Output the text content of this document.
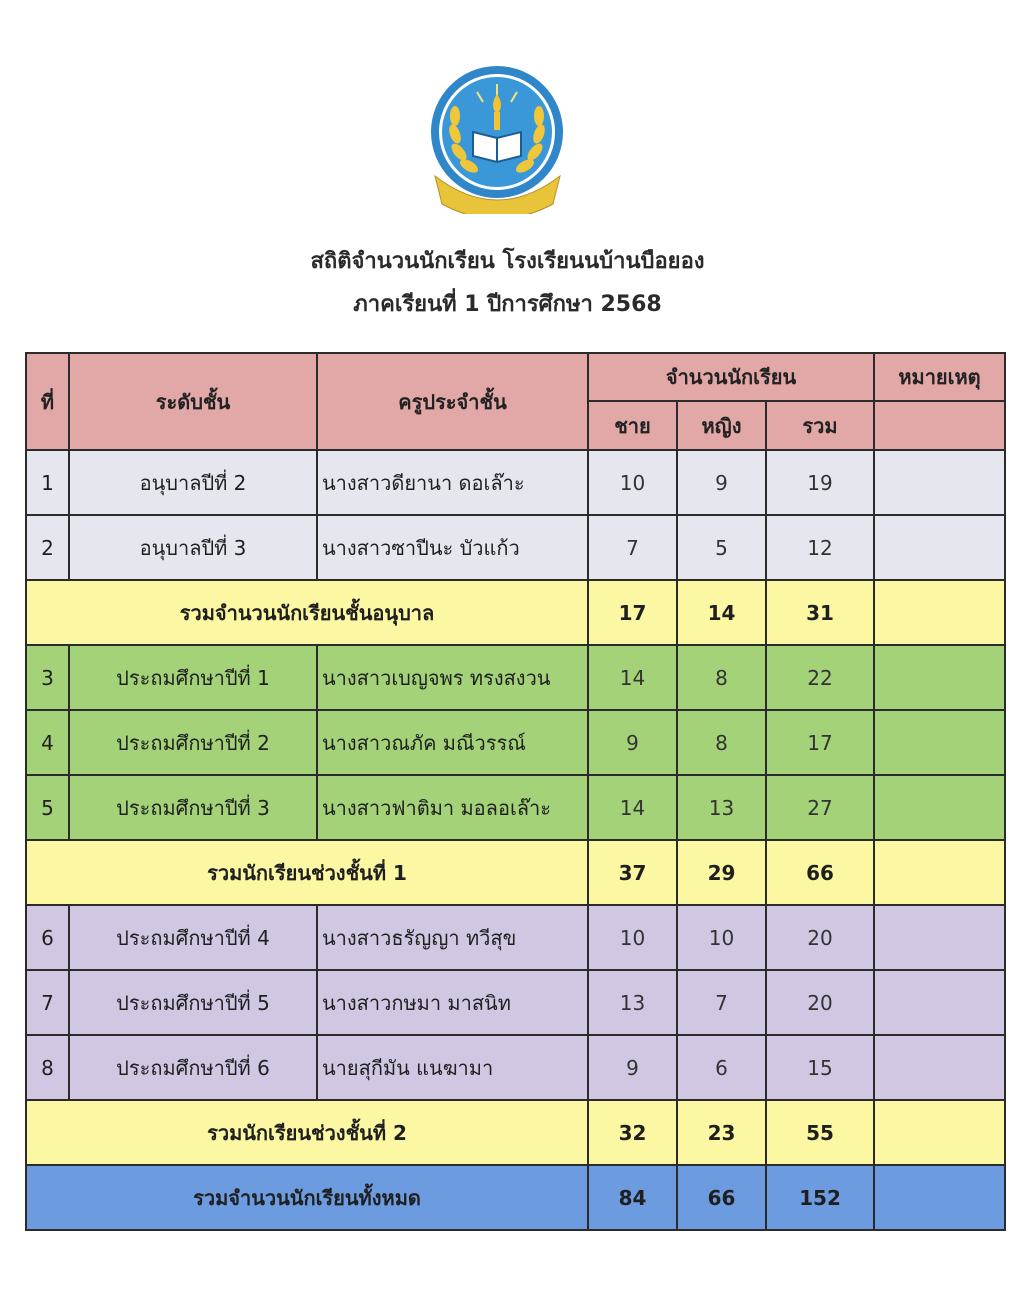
สถิติจำนวนนักเรียน โรงเรียนนบ้านบือยอง
ภาคเรียนที่ 1 ปีการศึกษา 2568
ที่	ระดับชั้น	ครูประจำชั้น	จำนวนนักเรียน			หมายเหตุ
			ชาย	หญิง	รวม	
1	อนุบาลปีที่ 2	นางสาวดียานา ดอเล๊าะ	10	9	19	
2	อนุบาลปีที่ 3	นางสาวซาปีนะ บัวแก้ว	7	5	12	
รวมจำนวนนักเรียนชั้นอนุบาล			17	14	31	
3	ประถมศึกษาปีที่ 1	นางสาวเบญจพร ทรงสงวน	14	8	22	
4	ประถมศึกษาปีที่ 2	นางสาวณภัค มณีวรรณ์	9	8	17	
5	ประถมศึกษาปีที่ 3	นางสาวฟาติมา มอลอเล๊าะ	14	13	27	
รวมนักเรียนช่วงชั้นที่ 1			37	29	66	
6	ประถมศึกษาปีที่ 4	นางสาวธรัญญา ทวีสุข	10	10	20	
7	ประถมศึกษาปีที่ 5	นางสาวกษมา มาสนิท	13	7	20	
8	ประถมศึกษาปีที่ 6	นายสุกีมัน แนฆามา	9	6	15	
รวมนักเรียนช่วงชั้นที่ 2			32	23	55	
รวมจำนวนนักเรียนทั้งหมด			84	66	152	
